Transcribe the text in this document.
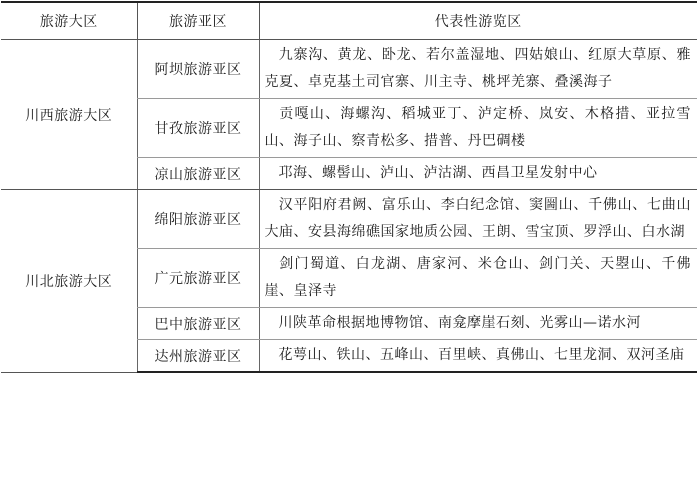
旅游大区	旅游亚区	代表性游览区
川西旅游大区	阿坝旅游亚区	九寨沟、黄龙、卧龙、若尔盖湿地、四姑娘山、红原大草原、雅克夏、卓克基土司官寨、川主寺、桃坪羌寨、叠溪海子
	甘孜旅游亚区	贡嘎山、海螺沟、稻城亚丁、泸定桥、岚安、木格措、亚拉雪山、海子山、察青松多、措普、丹巴碉楼
	凉山旅游亚区	邛海、螺髻山、泸山、泸沽湖、西昌卫星发射中心
川北旅游大区	绵阳旅游亚区	汉平阳府君阙、富乐山、李白纪念馆、窦圌山、千佛山、七曲山大庙、安县海绵礁国家地质公园、王朗、雪宝顶、罗浮山、白水湖
	广元旅游亚区	剑门蜀道、白龙湖、唐家河、米仓山、剑门关、天曌山、千佛崖、皇泽寺
	巴中旅游亚区	川陕革命根据地博物馆、南龛摩崖石刻、光雾山—诺水河
	达州旅游亚区	花萼山、铁山、五峰山、百里峡、真佛山、七里龙洞、双河圣庙
